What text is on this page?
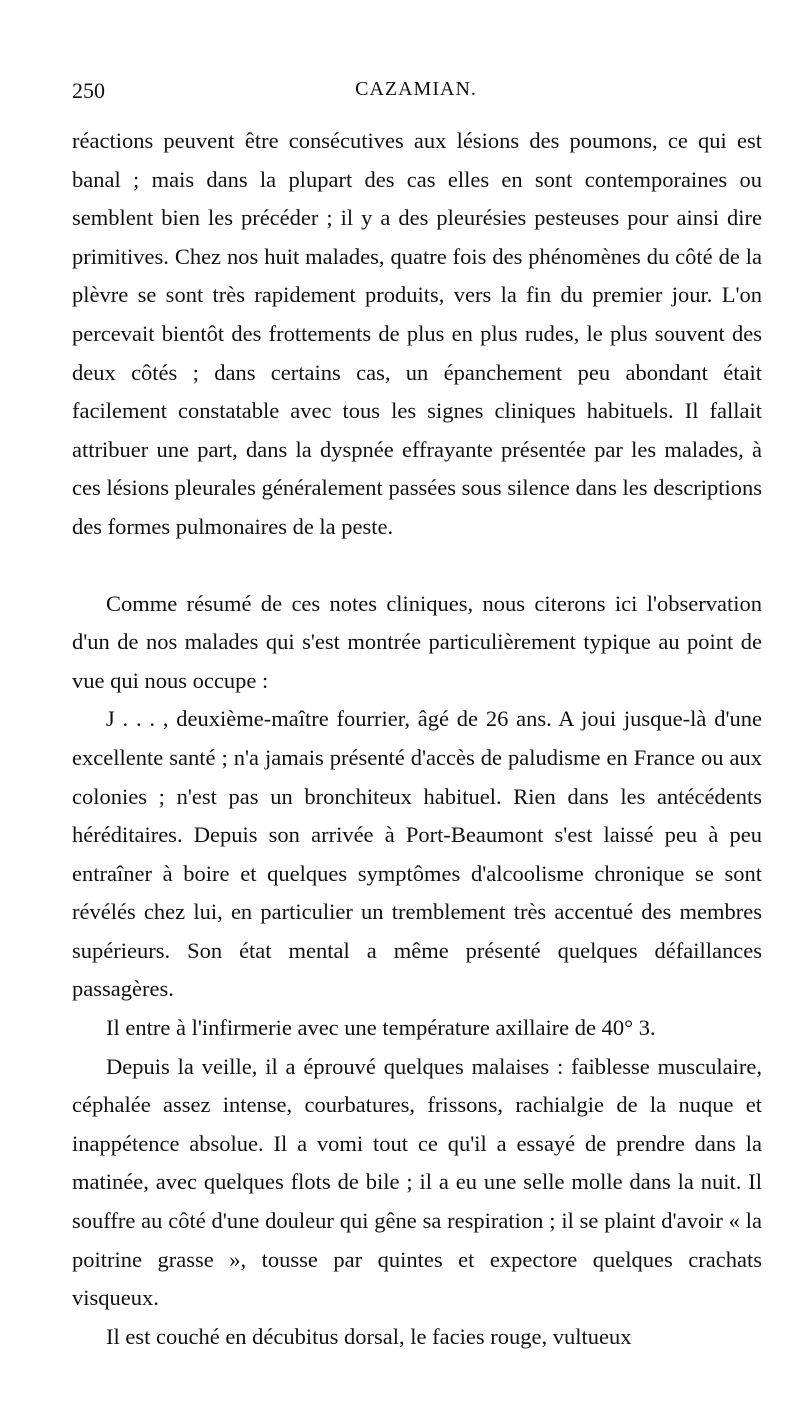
250	CAZAMIAN.

réactions peuvent être consécutives aux lésions des poumons, ce qui est banal ; mais dans la plupart des cas elles en sont contemporaines ou semblent bien les précéder ; il y a des pleurésies pesteuses pour ainsi dire primitives. Chez nos huit malades, quatre fois des phénomènes du côté de la plèvre se sont très rapidement produits, vers la fin du premier jour. L'on percevait bientôt des frottements de plus en plus rudes, le plus souvent des deux côtés ; dans certains cas, un épanchement peu abondant était facilement constatable avec tous les signes cliniques habituels. Il fallait attribuer une part, dans la dyspnée effrayante présentée par les malades, à ces lésions pleurales généralement passées sous silence dans les descriptions des formes pulmonaires de la peste.

Comme résumé de ces notes cliniques, nous citerons ici l'observation d'un de nos malades qui s'est montrée particulièrement typique au point de vue qui nous occupe :

J . . . , deuxième-maître fourrier, âgé de 26 ans. A joui jusque-là d'une excellente santé ; n'a jamais présenté d'accès de paludisme en France ou aux colonies ; n'est pas un bronchiteux habituel. Rien dans les antécédents héréditaires. Depuis son arrivée à Port-Beaumont s'est laissé peu à peu entraîner à boire et quelques symptômes d'alcoolisme chronique se sont révélés chez lui, en particulier un tremblement très accentué des membres supérieurs. Son état mental a même présenté quelques défaillances passagères.

Il entre à l'infirmerie avec une température axillaire de 40° 3.

Depuis la veille, il a éprouvé quelques malaises : faiblesse musculaire, céphalée assez intense, courbatures, frissons, rachialgie de la nuque et inappétence absolue. Il a vomi tout ce qu'il a essayé de prendre dans la matinée, avec quelques flots de bile ; il a eu une selle molle dans la nuit. Il souffre au côté d'une douleur qui gêne sa respiration ; il se plaint d'avoir « la poitrine grasse », tousse par quintes et expectore quelques crachats visqueux.

Il est couché en décubitus dorsal, le facies rouge, vultueux
